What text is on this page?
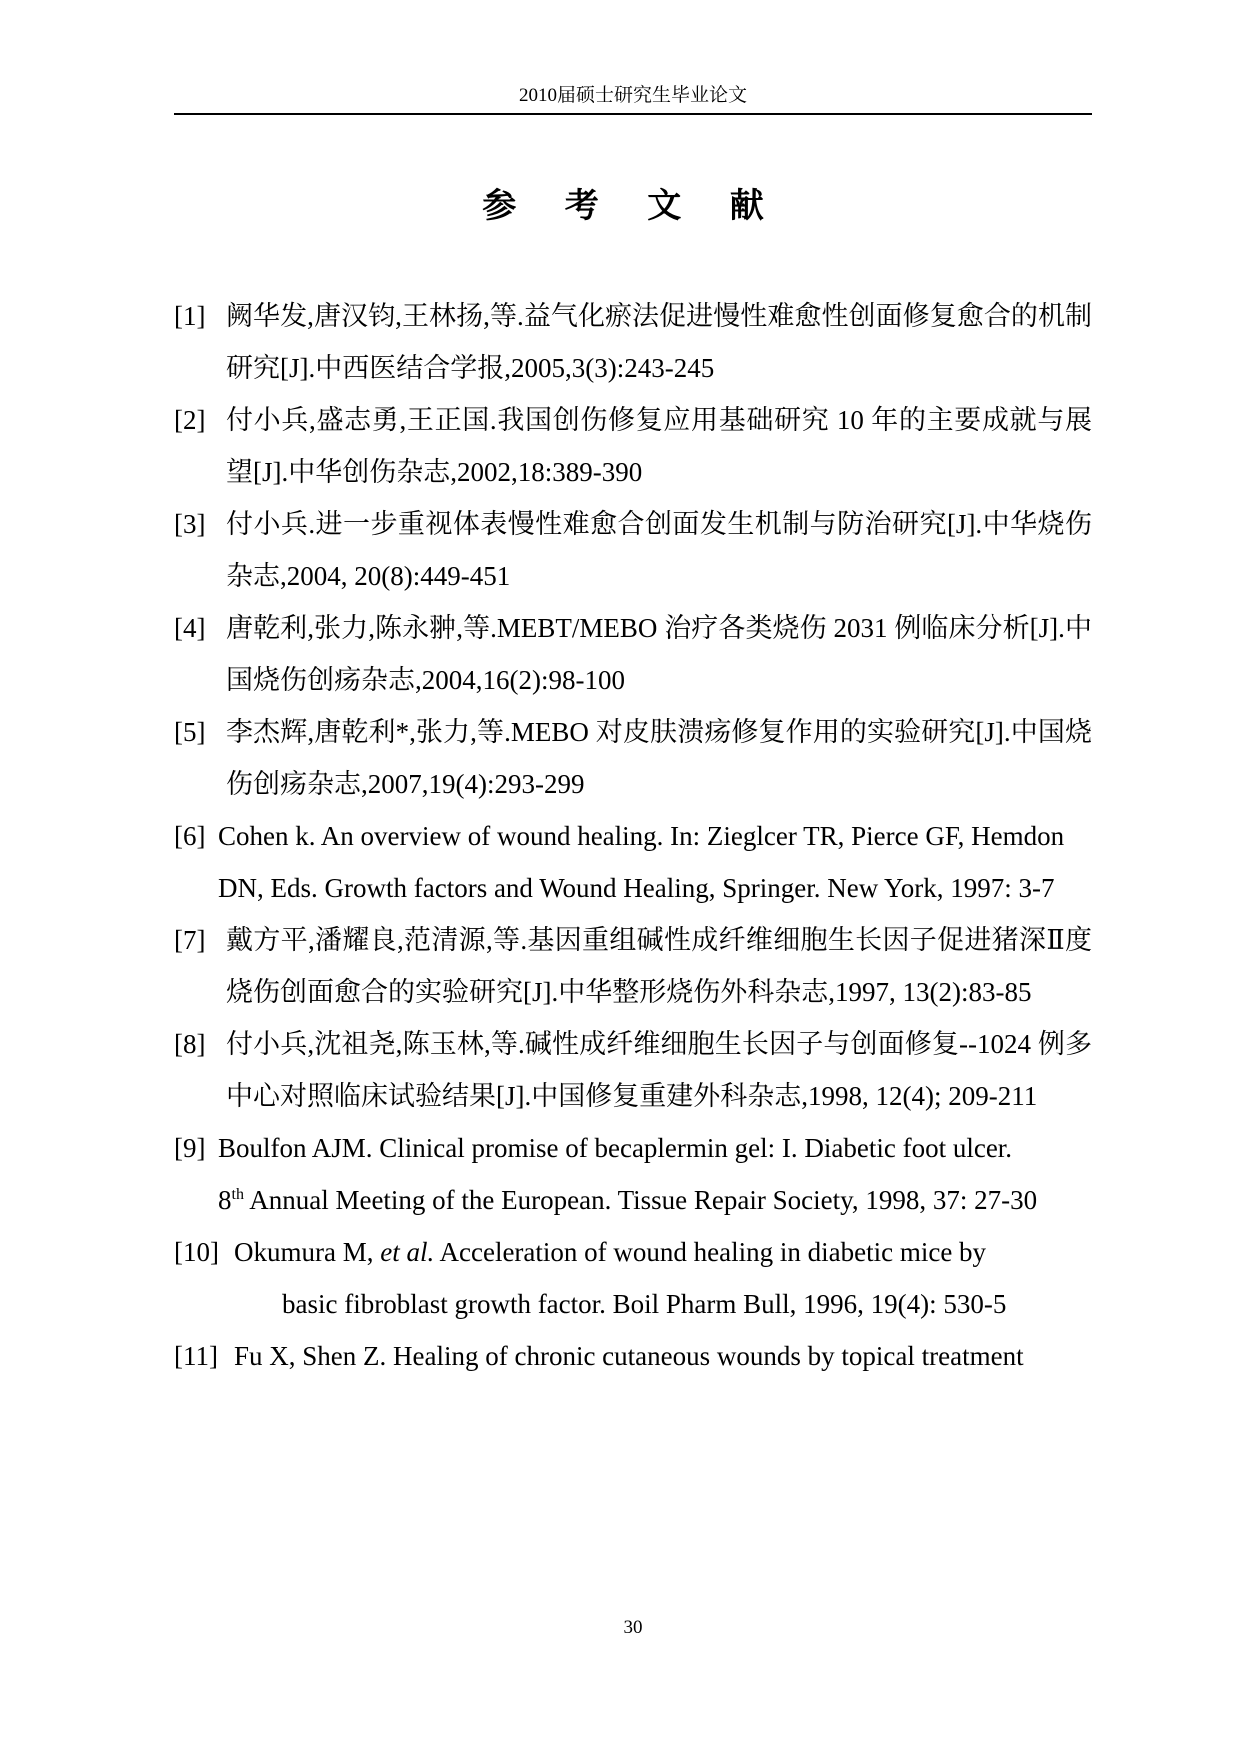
2010届硕士研究生毕业论文
参 考 文 献
[1] 阙华发,唐汉钧,王林扬,等.益气化瘀法促进慢性难愈性创面修复愈合的机制研究[J].中西医结合学报,2005,3(3):243-245
[2] 付小兵,盛志勇,王正国.我国创伤修复应用基础研究 10 年的主要成就与展望[J].中华创伤杂志,2002,18:389-390
[3] 付小兵.进一步重视体表慢性难愈合创面发生机制与防治研究[J].中华烧伤杂志,2004, 20(8):449-451
[4] 唐乾利,张力,陈永翀,等.MEBT/MEBO 治疗各类烧伤 2031 例临床分析[J].中国烧伤创疡杂志,2004,16(2):98-100
[5] 李杰辉,唐乾利*,张力,等.MEBO 对皮肤溃疡修复作用的实验研究[J].中国烧伤创疡杂志,2007,19(4):293-299
[6] Cohen k. An overview of wound healing. In: Zieglcer TR, Pierce GF, Hemdon DN, Eds. Growth factors and Wound Healing, Springer. New York, 1997: 3-7
[7] 戴方平,潘耀良,范清源,等.基因重组碱性成纤维细胞生长因子促进猪深Ⅱ度烧伤创面愈合的实验研究[J].中华整形烧伤外科杂志,1997, 13(2):83-85
[8] 付小兵,沈祖尧,陈玉林,等.碱性成纤维细胞生长因子与创面修复--1024 例多中心对照临床试验结果[J].中国修复重建外科杂志,1998, 12(4); 209-211
[9] Boulfon AJM. Clinical promise of becaplermin gel: I. Diabetic foot ulcer.
8th Annual Meeting of the European. Tissue Repair Society, 1998, 37: 27-30
[10] Okumura M, et al. Acceleration of wound healing in diabetic mice by
basic fibroblast growth factor. Boil Pharm Bull, 1996, 19(4): 530-5
[11] Fu X, Shen Z. Healing of chronic cutaneous wounds by topical treatment
30
